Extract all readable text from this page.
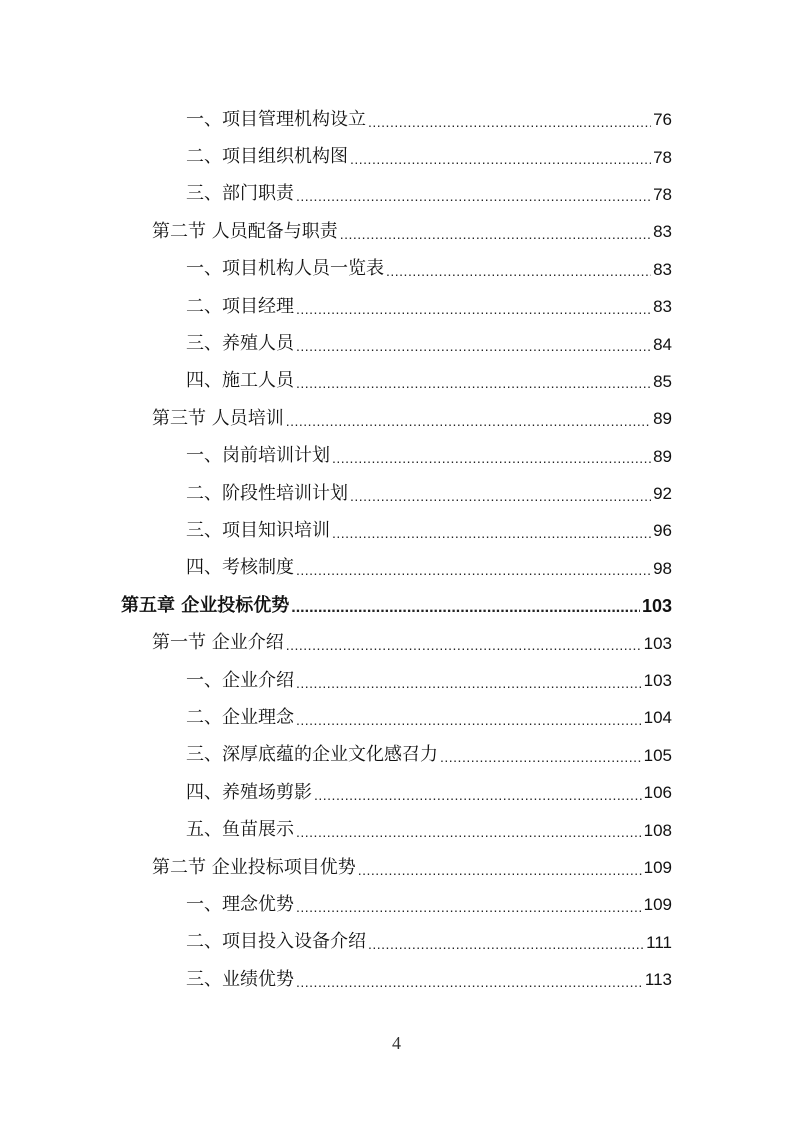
一、项目管理机构设立 .....	76
二、项目组织机构图 .....	78
三、部门职责 .....	78
第二节 人员配备与职责 .....	83
一、项目机构人员一览表 .....	83
二、项目经理 .....	83
三、养殖人员 .....	84
四、施工人员 .....	85
第三节 人员培训 .....	89
一、岗前培训计划 .....	89
二、阶段性培训计划 .....	92
三、项目知识培训 .....	96
四、考核制度 .....	98
第五章 企业投标优势 .....	103
第一节 企业介绍 .....	103
一、企业介绍 .....	103
二、企业理念 .....	104
三、深厚底蕴的企业文化感召力 .....	105
四、养殖场剪影 .....	106
五、鱼苗展示 .....	108
第二节 企业投标项目优势 .....	109
一、理念优势 .....	109
二、项目投入设备介绍 .....	111
三、业绩优势 .....	113
4
